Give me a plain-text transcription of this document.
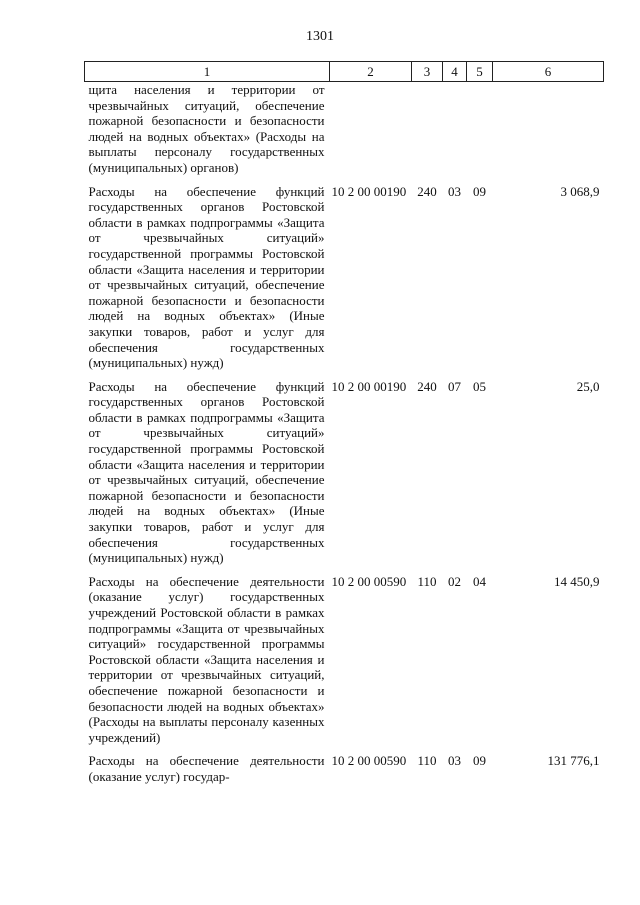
1301
1	2	3	4	5	6
щита населения и территории от чрезвычайных ситуаций, обеспечение пожарной безопасности и безопасности людей на водных объектах» (Расходы на выплаты персоналу государственных (муниципальных) органов)					

Расходы на обеспечение функций государственных органов Ростовской области в рамках подпрограммы «Защита от чрезвычайных ситуаций» государственной программы Ростовской области «Защита населения и территории от чрезвычайных ситуаций, обеспечение пожарной безопасности и безопасности людей на водных объектах» (Иные закупки товаров, работ и услуг для обеспечения государственных (муниципальных) нужд)	10 2 00 00190	240	03	09	3 068,9

Расходы на обеспечение функций государственных органов Ростовской области в рамках подпрограммы «Защита от чрезвычайных ситуаций» государственной программы Ростовской области «Защита населения и территории от чрезвычайных ситуаций, обеспечение пожарной безопасности и безопасности людей на водных объектах» (Иные закупки товаров, работ и услуг для обеспечения государственных (муниципальных) нужд)	10 2 00 00190	240	07	05	25,0

Расходы на обеспечение деятельности (оказание услуг) государственных учреждений Ростовской области в рамках подпрограммы «Защита от чрезвычайных ситуаций» государственной программы Ростовской области «Защита населения и территории от чрезвычайных ситуаций, обеспечение пожарной безопасности и безопасности людей на водных объектах» (Расходы на выплаты персоналу казенных учреждений)	10 2 00 00590	110	02	04	14 450,9

Расходы на обеспечение деятельности (оказание услуг) государ-	10 2 00 00590	110	03	09	131 776,1
